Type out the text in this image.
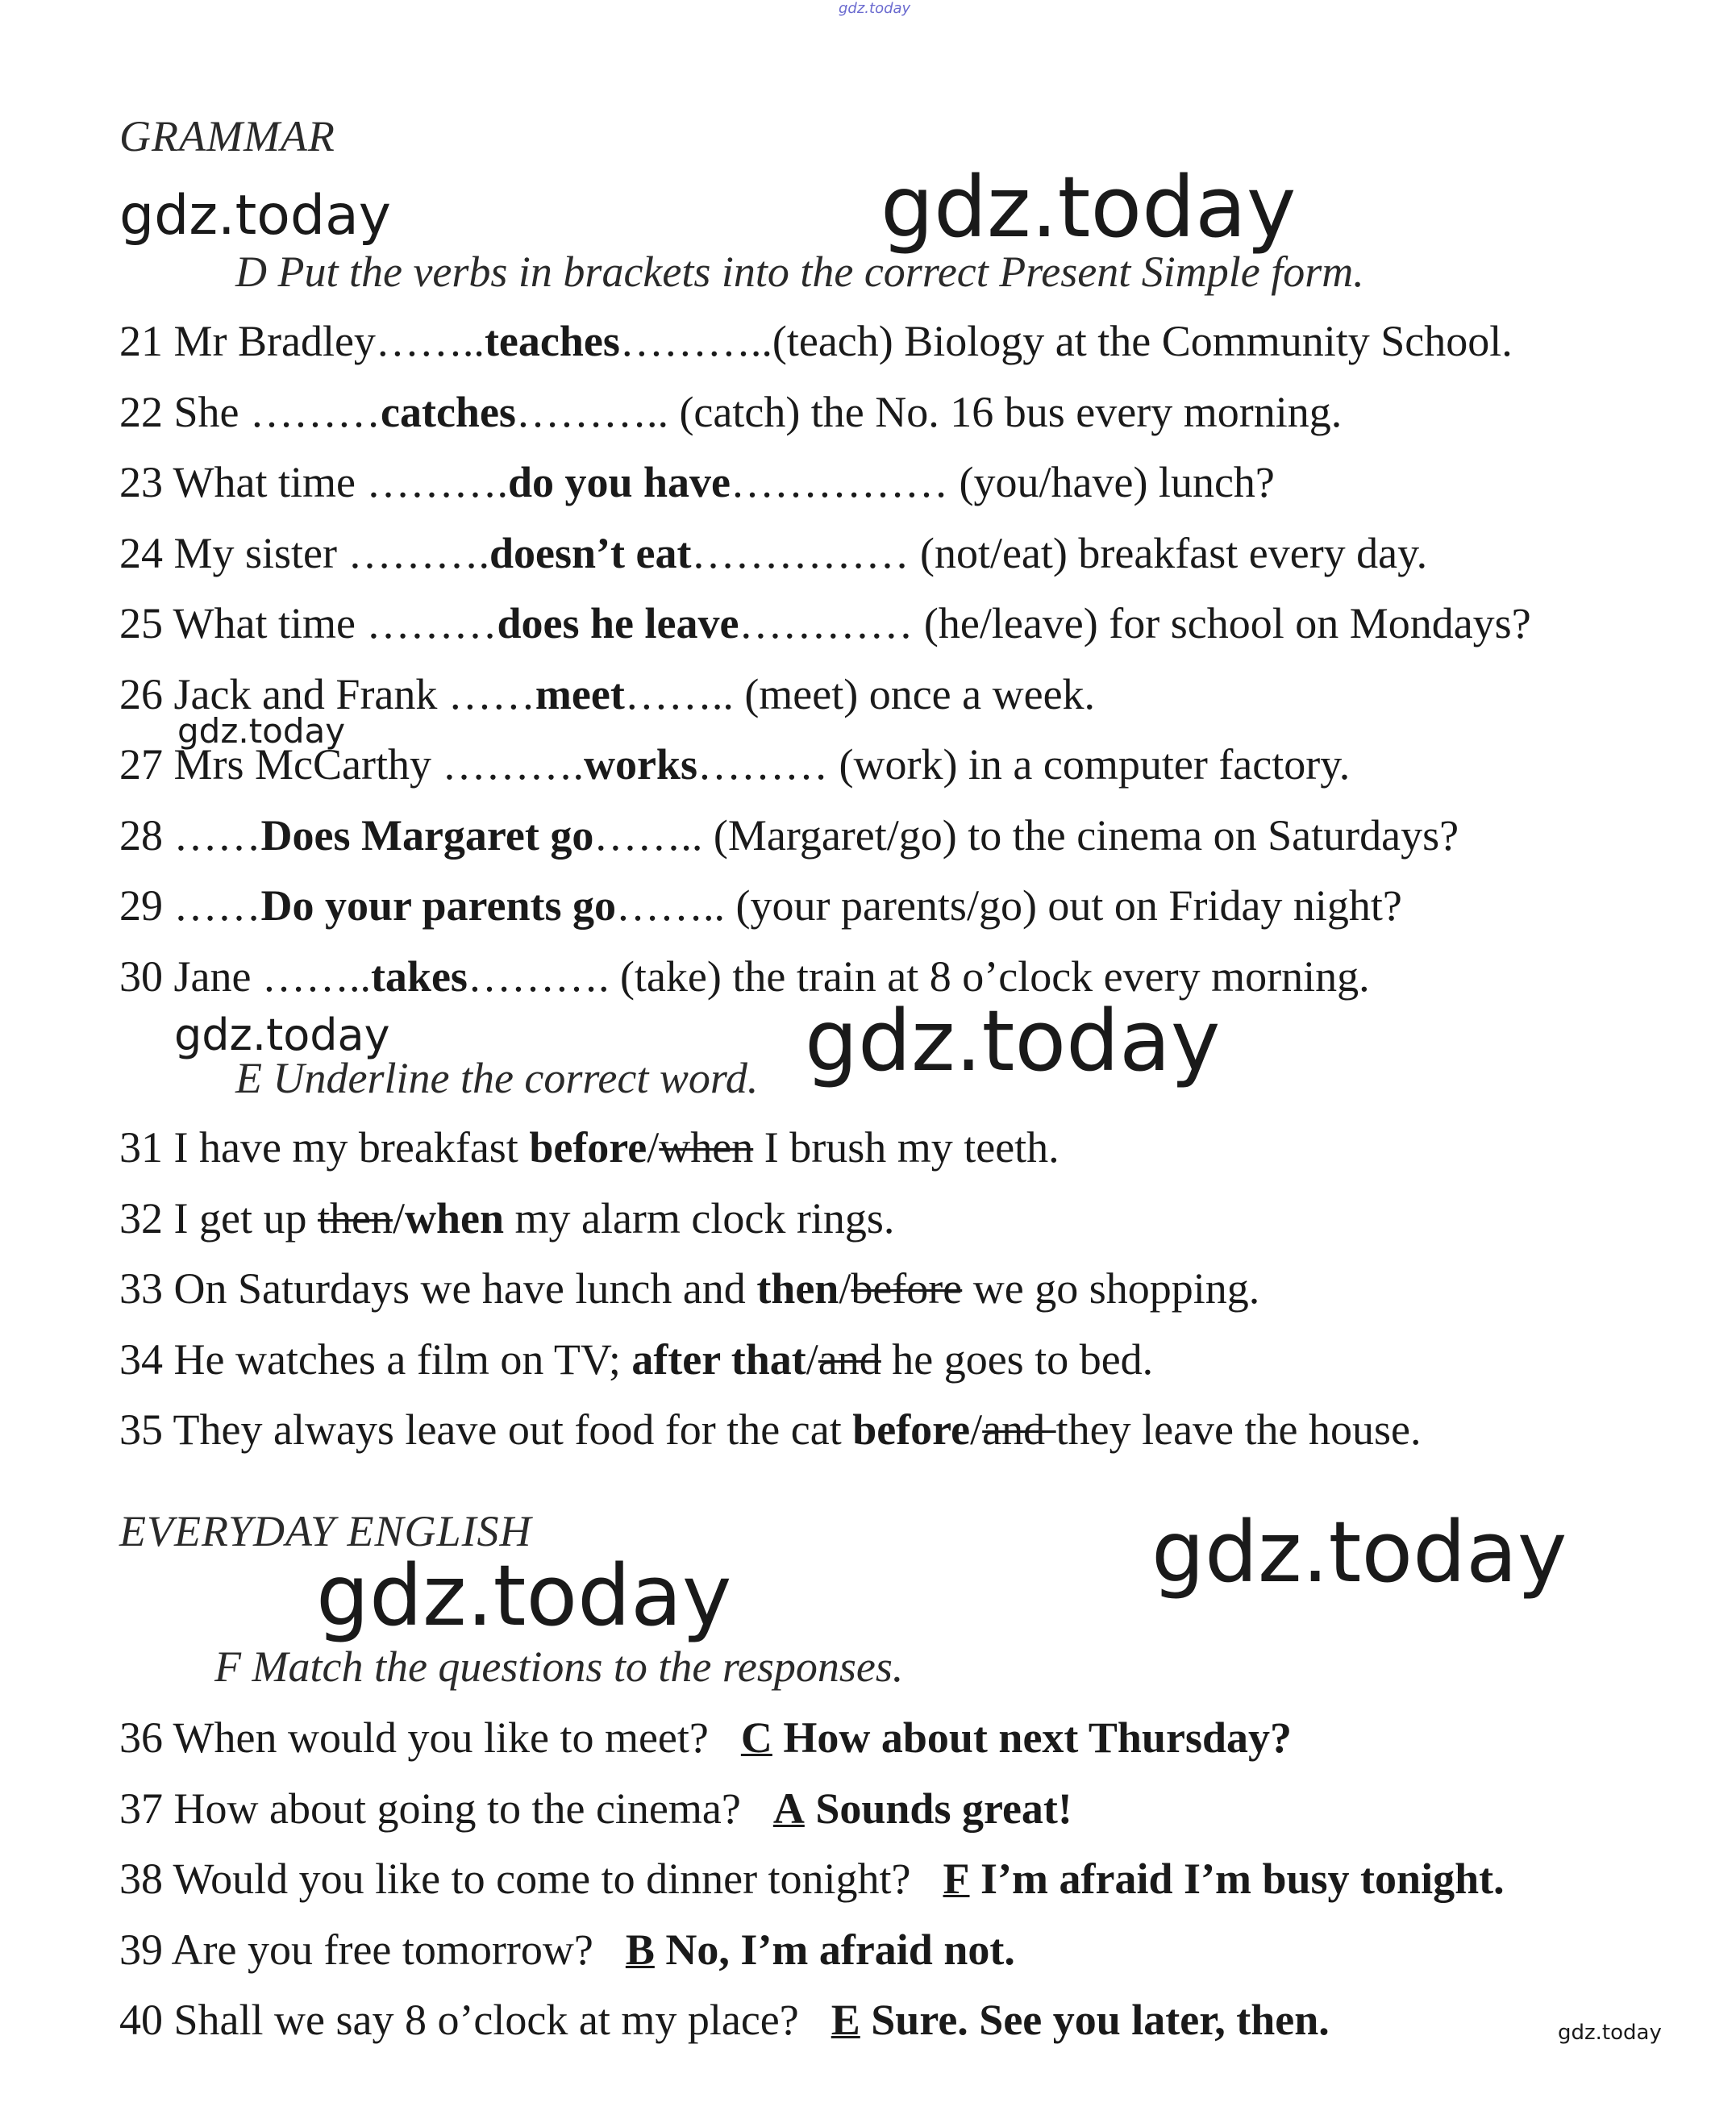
gdz.today
gdz.today	gdz.today
gdz.today
gdz.today	gdz.today
gdz.today
gdz.today
gdz.today
GRAMMAR
D Put the verbs in brackets into the correct Present Simple form.
21 Mr Bradley……..teaches………..(teach) Biology at the Community School.
22 She ………catches……….. (catch) the No. 16 bus every morning.
23 What time ……….do you have…………… (you/have) lunch?
24 My sister ……….doesn’t eat…………… (not/eat) breakfast every day.
25 What time ………does he leave………… (he/leave) for school on Mondays?
26 Jack and Frank ……meet…….. (meet) once a week.
27 Mrs McCarthy ……….works……… (work) in a computer factory.
28 ……Does Margaret go…….. (Margaret/go) to the cinema on Saturdays?
29 ……Do your parents go…….. (your parents/go) out on Friday night?
30 Jane ……..takes………. (take) the train at 8 o’clock every morning.
E Underline the correct word.
31 I have my breakfast before/when I brush my teeth.
32 I get up then/when my alarm clock rings.
33 On Saturdays we have lunch and then/before we go shopping.
34 He watches a film on TV; after that/and he goes to bed.
35 They always leave out food for the cat before/and they leave the house.
EVERYDAY ENGLISH
F Match the questions to the responses.
36 When would you like to meet? C How about next Thursday?
37 How about going to the cinema? A Sounds great!
38 Would you like to come to dinner tonight? F I’m afraid I’m busy tonight.
39 Are you free tomorrow? B No, I’m afraid not.
40 Shall we say 8 o’clock at my place? E Sure. See you later, then.
